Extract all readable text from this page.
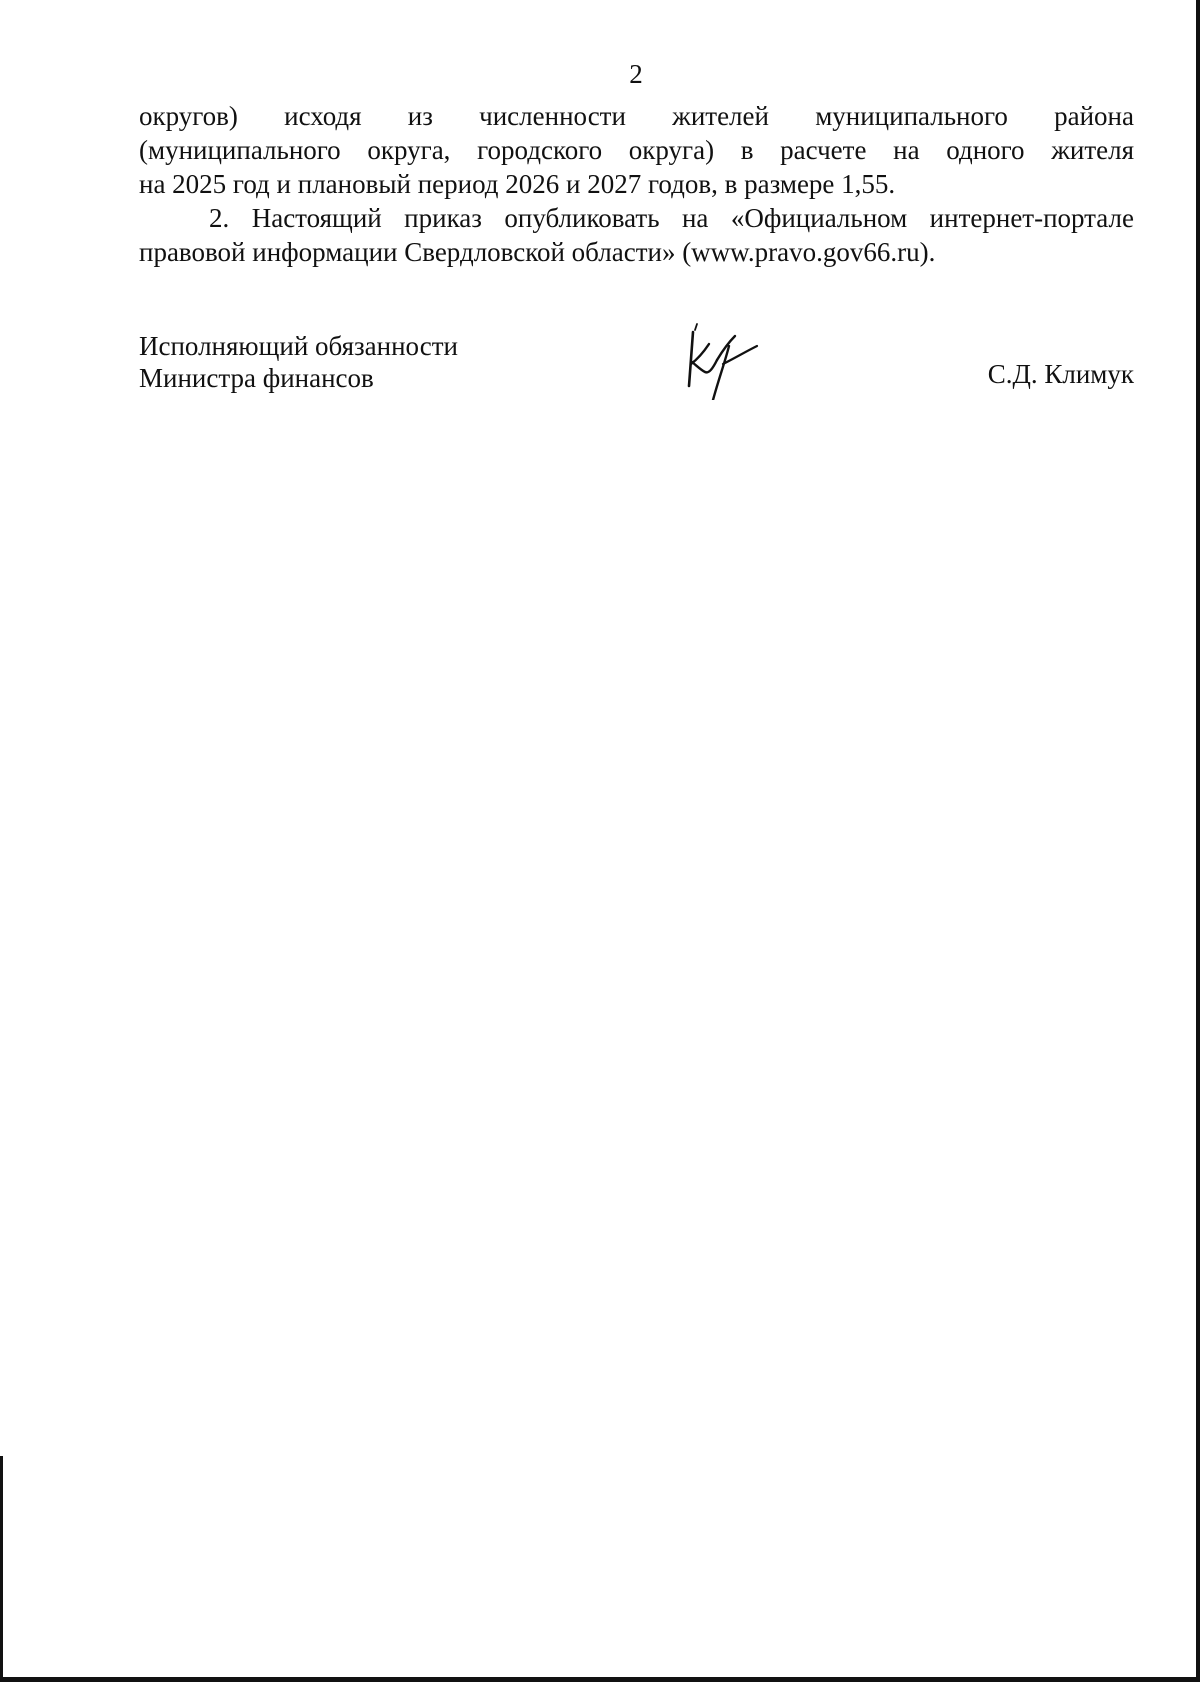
2

округов) исходя из численности жителей муниципального района
(муниципального округа, городского округа) в расчете на одного жителя
на 2025 год и плановый период 2026 и 2027 годов, в размере 1,55.

2. Настоящий приказ опубликовать на «Официальном интернет-портале
правовой информации Свердловской области» (www.pravo.gov66.ru).

Исполняющий обязанности
Министра финансов	С.Д. Климук
